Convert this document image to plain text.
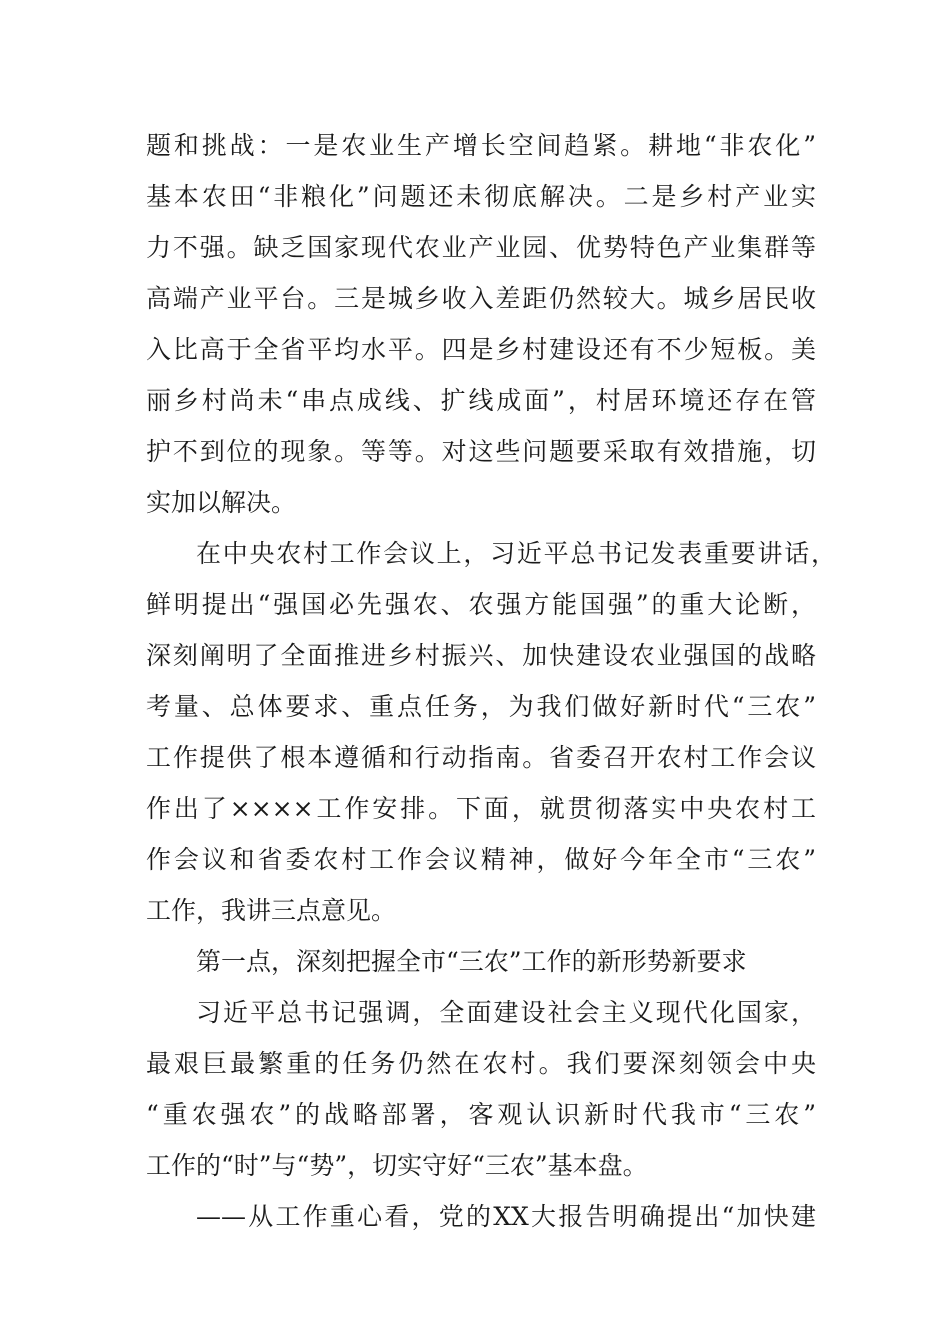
题和挑战：一是农业生产增长空间趋紧。耕地“非农化”
基本农田“非粮化”问题还未彻底解决。二是乡村产业实
力不强。缺乏国家现代农业产业园、优势特色产业集群等
高端产业平台。三是城乡收入差距仍然较大。城乡居民收
入比高于全省平均水平。四是乡村建设还有不少短板。美
丽乡村尚未“串点成线、扩线成面”，村居环境还存在管
护不到位的现象。等等。对这些问题要采取有效措施，切
实加以解决。
在中央农村工作会议上，习近平总书记发表重要讲话，
鲜明提出“强国必先强农、农强方能国强”的重大论断，
深刻阐明了全面推进乡村振兴、加快建设农业强国的战略
考量、总体要求、重点任务，为我们做好新时代“三农”
工作提供了根本遵循和行动指南。省委召开农村工作会议
作出了××××工作安排。下面，就贯彻落实中央农村工
作会议和省委农村工作会议精神，做好今年全市“三农”
工作，我讲三点意见。
第一点，深刻把握全市“三农”工作的新形势新要求
习近平总书记强调，全面建设社会主义现代化国家，
最艰巨最繁重的任务仍然在农村。我们要深刻领会中央
“重农强农”的战略部署，客观认识新时代我市“三农”
工作的“时”与“势”，切实守好“三农”基本盘。
——从工作重心看，党的XX大报告明确提出“加快建
